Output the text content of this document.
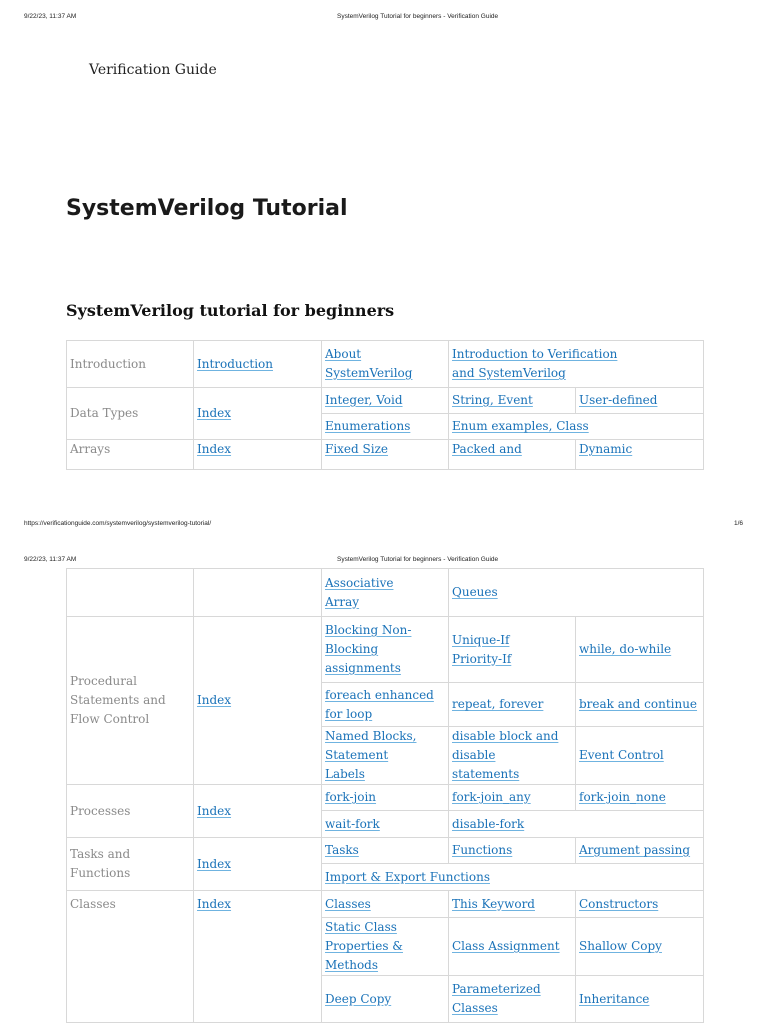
9/22/23, 11:37 AM	SystemVerilog Tutorial for beginners - Verification Guide
Verification Guide
SystemVerilog Tutorial
SystemVerilog tutorial for beginners
Introduction	Introduction	About SystemVerilog	Introduction to Verification and SystemVerilog	

Data Types	Index	Integer, Void	String, Event	User-defined
		Enumerations	Enum examples, Class	
Arrays	Index	Fixed Size	Packed and	Dynamic
https://verificationguide.com/systemverilog/systemverilog-tutorial/	1/6
9/22/23, 11:37 AM	SystemVerilog Tutorial for beginners - Verification Guide

		Associative Array	Queues	
Procedural Statements and Flow Control	Index	Blocking Non-Blocking assignments	Unique-If Priority-If	while, do-while

		foreach enhanced for loop	repeat, forever	break and continue

		Named Blocks, Statement Labels	disable block and disable statements	Event Control
Processes	Index	fork-join	fork-join_any	fork-join_none
		wait-fork	disable-fork	
Tasks and Functions	Index	Tasks	Functions	Argument passing
		Import & Export Functions		
Classes	Index	Classes	This Keyword	Constructors

		Static Class Properties & Methods	Class Assignment	Shallow Copy
		Deep Copy	Parameterized Classes	Inheritance
